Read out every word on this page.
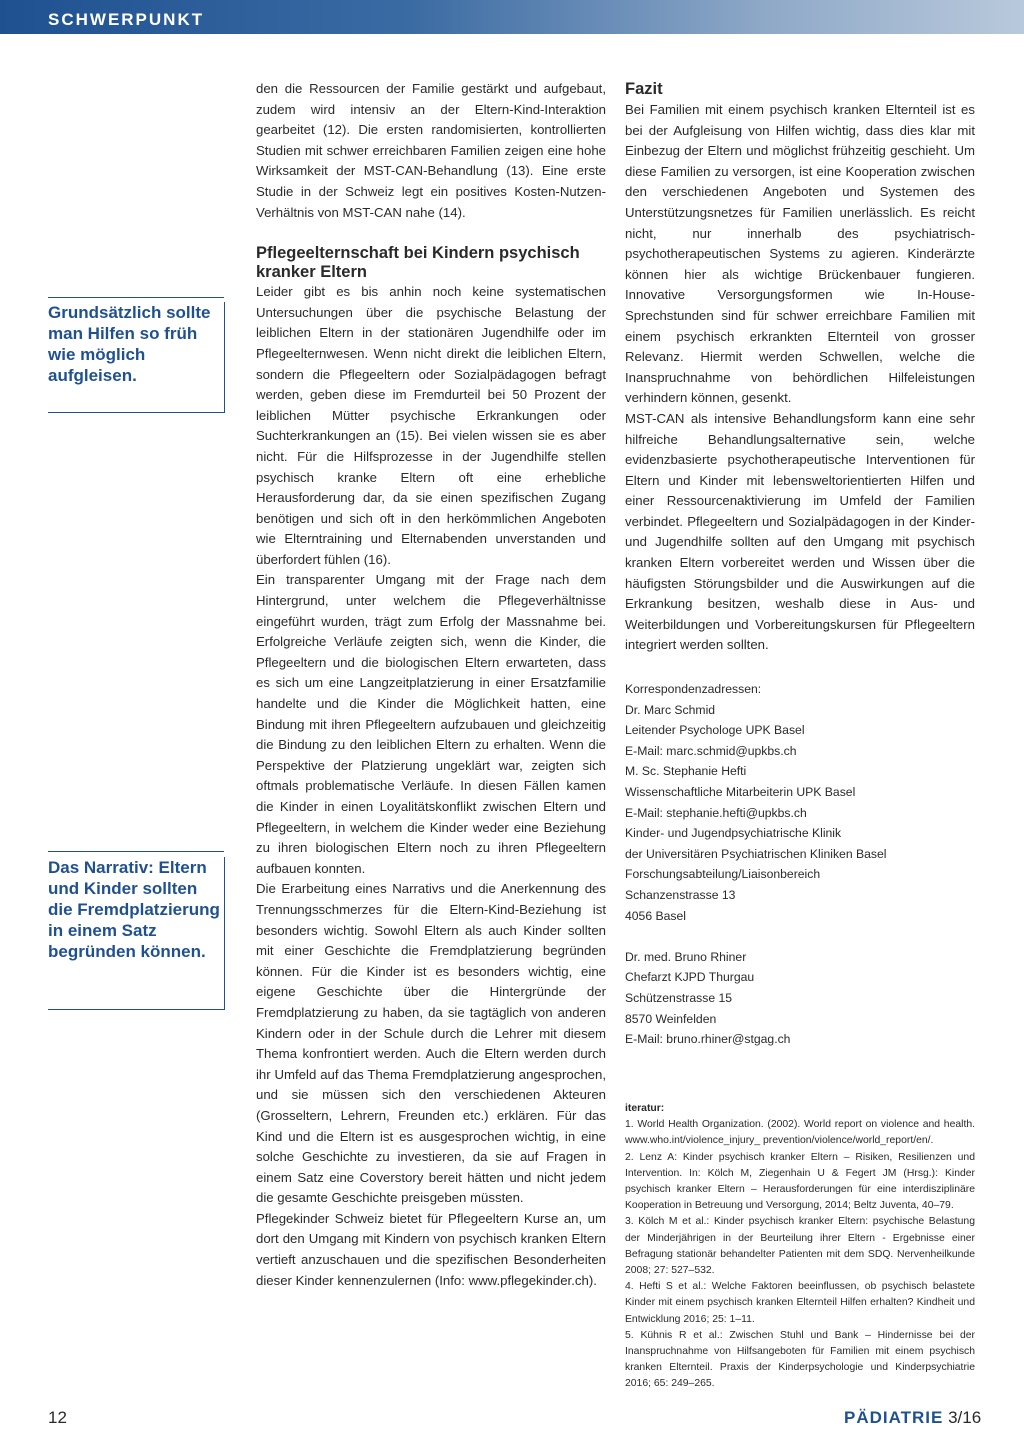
SCHWERPUNKT
Grundsätzlich sollte man Hilfen so früh wie möglich aufgleisen.
Das Narrativ: Eltern und Kinder sollten die Fremdplatzierung in einem Satz begründen können.

den die Ressourcen der Familie gestärkt und aufgebaut, zudem wird intensiv an der Eltern-Kind-Interaktion gearbeitet (12). Die ersten randomisierten, kontrollierten Studien mit schwer erreichbaren Familien zeigen eine hohe Wirksamkeit der MST-CAN-Behandlung (13). Eine erste Studie in der Schweiz legt ein positives Kosten-Nutzen-Verhältnis von MST-CAN nahe (14).

Pflegeelternschaft bei Kindern psychisch kranker Eltern

Leider gibt es bis anhin noch keine systematischen Untersuchungen über die psychische Belastung der leiblichen Eltern in der stationären Jugendhilfe oder im Pflegeelternwesen. Wenn nicht direkt die leiblichen Eltern, sondern die Pflegeeltern oder Sozialpädagogen befragt werden, geben diese im Fremdurteil bei 50 Prozent der leiblichen Mütter psychische Erkrankungen oder Suchterkrankungen an (15). Bei vielen wissen sie es aber nicht. Für die Hilfsprozesse in der Jugendhilfe stellen psychisch kranke Eltern oft eine erhebliche Herausforderung dar, da sie einen spezifischen Zugang benötigen und sich oft in den herkömmlichen Angeboten wie Elterntraining und Elternabenden unverstanden und überfordert fühlen (16).

Ein transparenter Umgang mit der Frage nach dem Hintergrund, unter welchem die Pflegeverhältnisse eingeführt wurden, trägt zum Erfolg der Massnahme bei. Erfolgreiche Verläufe zeigten sich, wenn die Kinder, die Pflegeeltern und die biologischen Eltern erwarteten, dass es sich um eine Langzeitplatzierung in einer Ersatzfamilie handelte und die Kinder die Möglichkeit hatten, eine Bindung mit ihren Pflegeeltern aufzubauen und gleichzeitig die Bindung zu den leiblichen Eltern zu erhalten. Wenn die Perspektive der Platzierung ungeklärt war, zeigten sich oftmals problematische Verläufe. In diesen Fällen kamen die Kinder in einen Loyalitätskonflikt zwischen Eltern und Pflegeeltern, in welchem die Kinder weder eine Beziehung zu ihren biologischen Eltern noch zu ihren Pflegeeltern aufbauen konnten.

Die Erarbeitung eines Narrativs und die Anerkennung des Trennungsschmerzes für die Eltern-Kind-Beziehung ist besonders wichtig. Sowohl Eltern als auch Kinder sollten mit einer Geschichte die Fremdplatzierung begründen können. Für die Kinder ist es besonders wichtig, eine eigene Geschichte über die Hintergründe der Fremdplatzierung zu haben, da sie tagtäglich von anderen Kindern oder in der Schule durch die Lehrer mit diesem Thema konfrontiert werden. Auch die Eltern werden durch ihr Umfeld auf das Thema Fremdplatzierung angesprochen, und sie müssen sich den verschiedenen Akteuren (Grosseltern, Lehrern, Freunden etc.) erklären. Für das Kind und die Eltern ist es ausgesprochen wichtig, in eine solche Geschichte zu investieren, da sie auf Fragen in einem Satz eine Coverstory bereit hätten und nicht jedem die gesamte Geschichte preisgeben müssten.

Pflegekinder Schweiz bietet für Pflegeeltern Kurse an, um dort den Umgang mit Kindern von psychisch kranken Eltern vertieft anzuschauen und die spezifischen Besonderheiten dieser Kinder kennenzulernen (Info: www.pflegekinder.ch).

Fazit

Bei Familien mit einem psychisch kranken Elternteil ist es bei der Aufgleisung von Hilfen wichtig, dass dies klar mit Einbezug der Eltern und möglichst frühzeitig geschieht. Um diese Familien zu versorgen, ist eine Kooperation zwischen den verschiedenen Angeboten und Systemen des Unterstützungsnetzes für Familien unerlässlich. Es reicht nicht, nur innerhalb des psychiatrisch-psychotherapeutischen Systems zu agieren. Kinderärzte können hier als wichtige Brückenbauer fungieren. Innovative Versorgungsformen wie In-House-Sprechstunden sind für schwer erreichbare Familien mit einem psychisch erkrankten Elternteil von grosser Relevanz. Hiermit werden Schwellen, welche die Inanspruchnahme von behördlichen Hilfeleistungen verhindern können, gesenkt.

MST-CAN als intensive Behandlungsform kann eine sehr hilfreiche Behandlungsalternative sein, welche evidenzbasierte psychotherapeutische Interventionen für Eltern und Kinder mit lebensweltorientierten Hilfen und einer Ressourcenaktivierung im Umfeld der Familien verbindet. Pflegeeltern und Sozialpädagogen in der Kinder- und Jugendhilfe sollten auf den Umgang mit psychisch kranken Eltern vorbereitet werden und Wissen über die häufigsten Störungsbilder und die Auswirkungen auf die Erkrankung besitzen, weshalb diese in Aus- und Weiterbildungen und Vorbereitungskursen für Pflegeeltern integriert werden sollten.

Korrespondenzadressen:
Dr. Marc Schmid
Leitender Psychologe UPK Basel
E-Mail: marc.schmid@upkbs.ch
M. Sc. Stephanie Hefti
Wissenschaftliche Mitarbeiterin UPK Basel
E-Mail: stephanie.hefti@upkbs.ch
Kinder- und Jugendpsychiatrische Klinik
der Universitären Psychiatrischen Kliniken Basel
Forschungsabteilung/Liaisonbereich
Schanzenstrasse 13
4056 Basel
Dr. med. Bruno Rhiner
Chefarzt KJPD Thurgau
Schützenstrasse 15
8570 Weinfelden
E-Mail: bruno.rhiner@stgag.ch
iteratur:

1. World Health Organization. (2002). World report on violence and health. www.who.int/violence_injury_ prevention/violence/world_report/en/.

2. Lenz A: Kinder psychisch kranker Eltern – Risiken, Resilienzen und Intervention. In: Kölch M, Ziegenhain U & Fegert JM (Hrsg.): Kinder psychisch kranker Eltern – Herausforderungen für eine interdisziplinäre Kooperation in Betreuung und Versorgung, 2014; Beltz Juventa, 40–79.

3. Kölch M et al.: Kinder psychisch kranker Eltern: psychische Belastung der Minderjährigen in der Beurteilung ihrer Eltern - Ergebnisse einer Befragung stationär behandelter Patienten mit dem SDQ. Nervenheilkunde 2008; 27: 527–532.

4. Hefti S et al.: Welche Faktoren beeinflussen, ob psychisch belastete Kinder mit einem psychisch kranken Elternteil Hilfen erhalten? Kindheit und Entwicklung 2016; 25: 1–11.

5. Kühnis R et al.: Zwischen Stuhl und Bank – Hindernisse bei der Inanspruchnahme von Hilfsangeboten für Familien mit einem psychisch kranken Elternteil. Praxis der Kinderpsychologie und Kinderpsychiatrie 2016; 65: 249–265.

12	PÄDIATRIE 3/16
